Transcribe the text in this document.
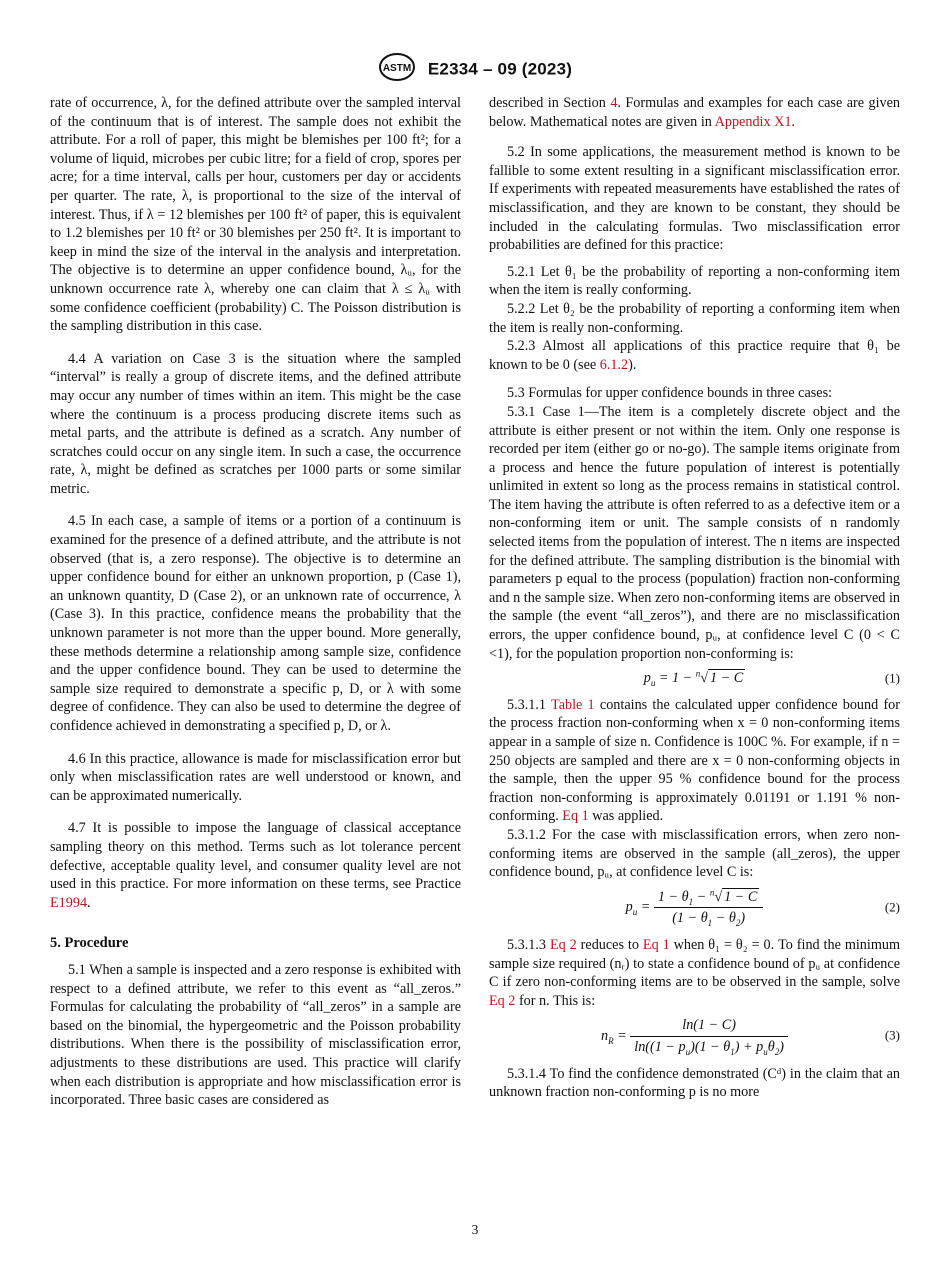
ASTM E2334 – 09 (2023)

rate of occurrence, λ, for the defined attribute over the sampled interval of the continuum that is of interest. The sample does not exhibit the attribute. For a roll of paper, this might be blemishes per 100 ft²; for a volume of liquid, microbes per cubic litre; for a field of crop, spores per acre; for a time interval, calls per hour, customers per day or accidents per quarter. The rate, λ, is proportional to the size of the interval of interest. Thus, if λ = 12 blemishes per 100 ft² of paper, this is equivalent to 1.2 blemishes per 10 ft² or 30 blemishes per 250 ft². It is important to keep in mind the size of the interval in the analysis and interpretation. The objective is to determine an upper confidence bound, λᵤ, for the unknown occurrence rate λ, whereby one can claim that λ ≤ λᵤ with some confidence coefficient (probability) C. The Poisson distribution is the sampling distribution in this case.

4.4 A variation on Case 3 is the situation where the sampled “interval” is really a group of discrete items, and the defined attribute may occur any number of times within an item. This might be the case where the continuum is a process producing discrete items such as metal parts, and the attribute is defined as a scratch. Any number of scratches could occur on any single item. In such a case, the occurrence rate, λ, might be defined as scratches per 1000 parts or some similar metric.

4.5 In each case, a sample of items or a portion of a continuum is examined for the presence of a defined attribute, and the attribute is not observed (that is, a zero response). The objective is to determine an upper confidence bound for either an unknown proportion, p (Case 1), an unknown quantity, D (Case 2), or an unknown rate of occurrence, λ (Case 3). In this practice, confidence means the probability that the unknown parameter is not more than the upper bound. More generally, these methods determine a relationship among sample size, confidence and the upper confidence bound. They can be used to determine the sample size required to demonstrate a specific p, D, or λ with some degree of confidence. They can also be used to determine the degree of confidence achieved in demonstrating a specified p, D, or λ.

4.6 In this practice, allowance is made for misclassification error but only when misclassification rates are well understood or known, and can be approximated numerically.

4.7 It is possible to impose the language of classical acceptance sampling theory on this method. Terms such as lot tolerance percent defective, acceptable quality level, and consumer quality level are not used in this practice. For more information on these terms, see Practice E1994.

5. Procedure

5.1 When a sample is inspected and a zero response is exhibited with respect to a defined attribute, we refer to this event as “all_zeros.” Formulas for calculating the probability of “all_zeros” in a sample are based on the binomial, the hypergeometric and the Poisson probability distributions. When there is the possibility of misclassification error, adjustments to these distributions are used. This practice will clarify when each distribution is appropriate and how misclassification error is incorporated. Three basic cases are considered as

described in Section 4. Formulas and examples for each case are given below. Mathematical notes are given in Appendix X1.

5.2 In some applications, the measurement method is known to be fallible to some extent resulting in a significant misclassification error. If experiments with repeated measurements have established the rates of misclassification, and they are known to be constant, they should be included in the calculating formulas. Two misclassification error probabilities are defined for this practice:

5.2.1 Let θ₁ be the probability of reporting a non-conforming item when the item is really conforming.

5.2.2 Let θ₂ be the probability of reporting a conforming item when the item is really non-conforming.

5.2.3 Almost all applications of this practice require that θ₁ be known to be 0 (see 6.1.2).

5.3 Formulas for upper confidence bounds in three cases:

5.3.1 Case 1—The item is a completely discrete object and the attribute is either present or not within the item. Only one response is recorded per item (either go or no-go). The sample items originate from a process and hence the future population of interest is potentially unlimited in extent so long as the process remains in statistical control. The item having the attribute is often referred to as a defective item or a non-conforming item or unit. The sample consists of n randomly selected items from the population of interest. The n items are inspected for the defined attribute. The sampling distribution is the binomial with parameters p equal to the process (population) fraction non-conforming and n the sample size. When zero non-conforming items are observed in the sample (the event “all_zeros”), and there are no misclassification errors, the upper confidence bound, pᵤ, at confidence level C (0 < C <1), for the population proportion non-conforming is:

$p_u = 1 - ^n√$ 1 − C	(1)

5.3.1.1 Table 1 contains the calculated upper confidence bound for the process fraction non-conforming when x = 0 non-conforming items appear in a sample of size n. Confidence is 100C %. For example, if n = 250 objects are sampled and there are x = 0 non-conforming objects in the sample, then the upper 95 % confidence bound for the process fraction non-conforming is approximately 0.01191 or 1.191 % non-conforming. Eq 1 was applied.

5.3.1.2 For the case with misclassification errors, when zero non-conforming items are observed in the sample (all_zeros), the upper confidence bound, pᵤ, at confidence level C is:

$p_u = \frac{1 - \theta_1 - ^n√ 1 - C}{(1 - \theta_1 - \theta_2)}$	(2)

5.3.1.3 Eq 2 reduces to Eq 1 when θ₁ = θ₂ = 0. To find the minimum sample size required (nᵣ) to state a confidence bound of pᵤ at confidence C if zero non-conforming items are to be observed in the sample, solve Eq 2 for n. This is:

$n_R = \frac{\ln(1 - C)}{\ln((1 - p_u)(1 - \theta_1) + p_u\theta_2)}$	(3)

5.3.1.4 To find the confidence demonstrated (Cᵈ) in the claim that an unknown fraction non-conforming p is no more

3
